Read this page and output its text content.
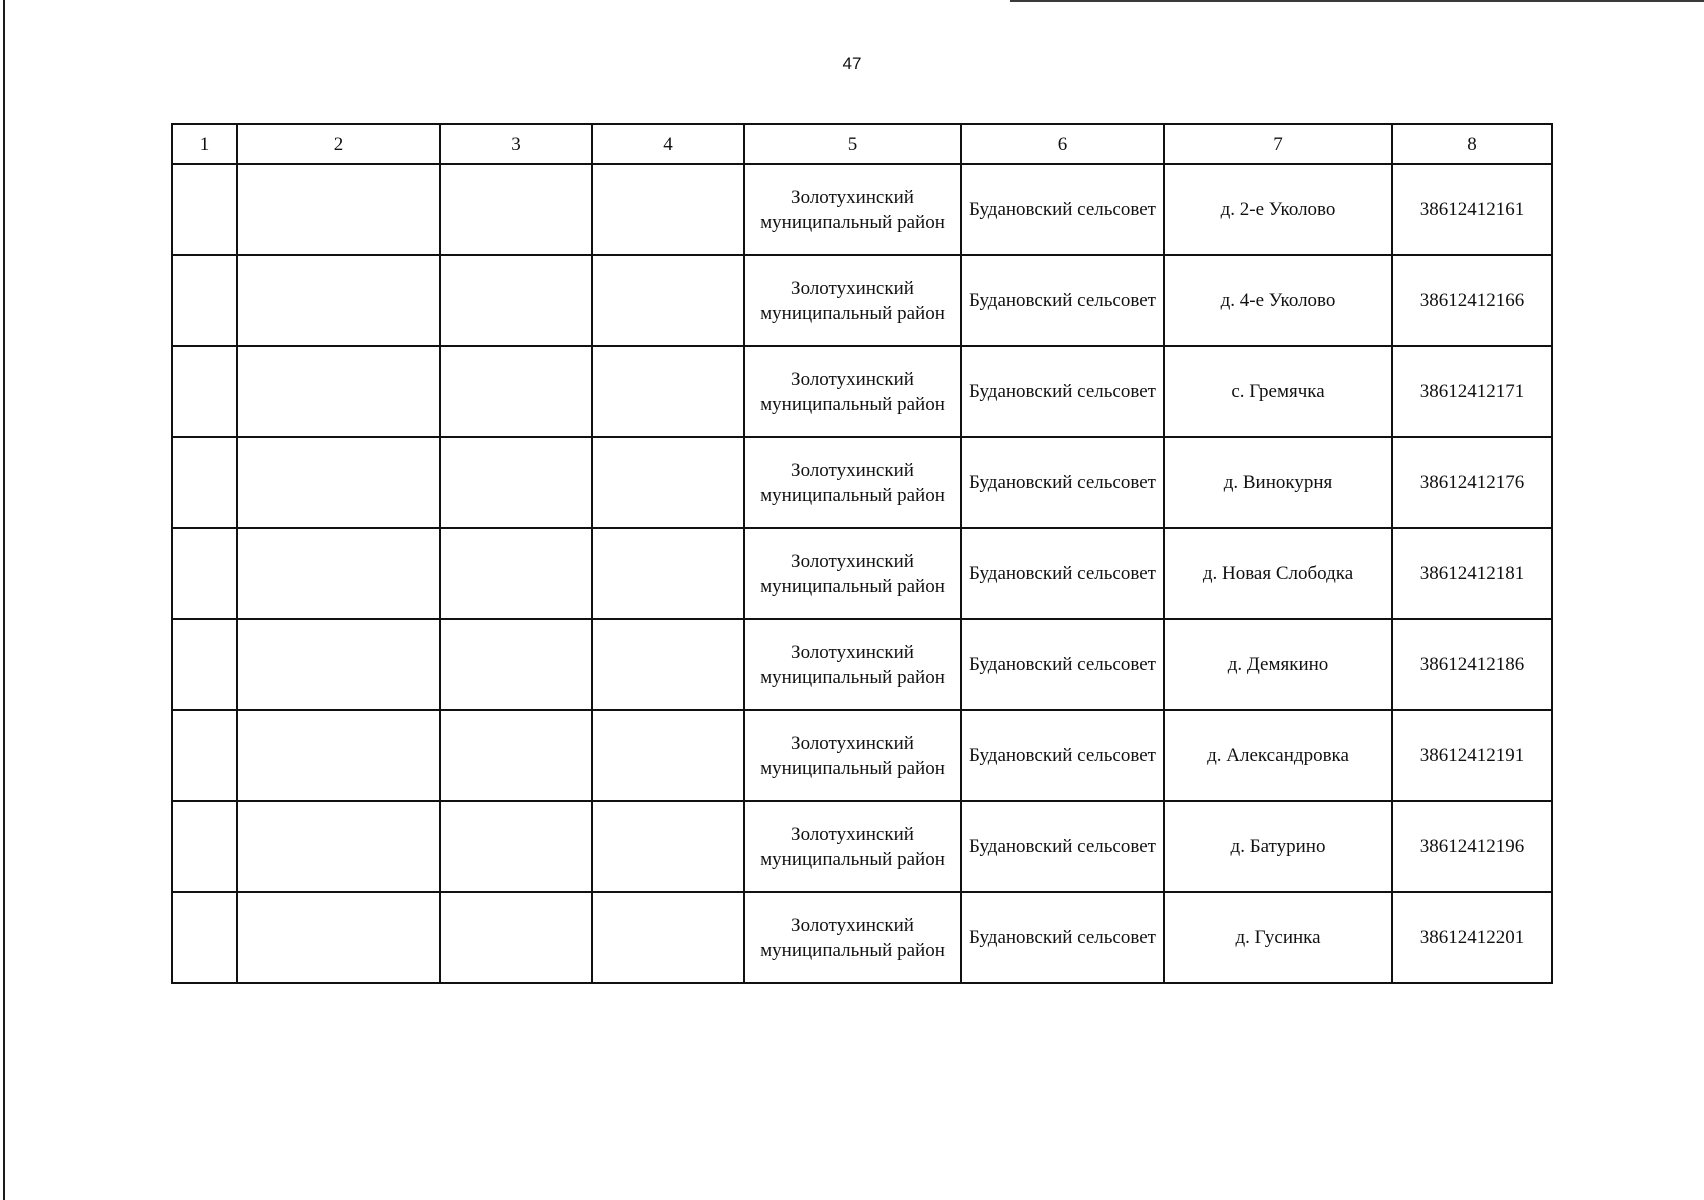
47
1	2	3	4	5	6	7	8
				Золотухинский муниципальный район	Будановский сельсовет	д. 2-е Уколово	38612412161
				Золотухинский муниципальный район	Будановский сельсовет	д. 4-е Уколово	38612412166
				Золотухинский муниципальный район	Будановский сельсовет	с. Гремячка	38612412171
				Золотухинский муниципальный район	Будановский сельсовет	д. Винокурня	38612412176
				Золотухинский муниципальный район	Будановский сельсовет	д. Новая Слободка	38612412181
				Золотухинский муниципальный район	Будановский сельсовет	д. Демякино	38612412186
				Золотухинский муниципальный район	Будановский сельсовет	д. Александровка	38612412191
				Золотухинский муниципальный район	Будановский сельсовет	д. Батурино	38612412196
				Золотухинский муниципальный район	Будановский сельсовет	д. Гусинка	38612412201
